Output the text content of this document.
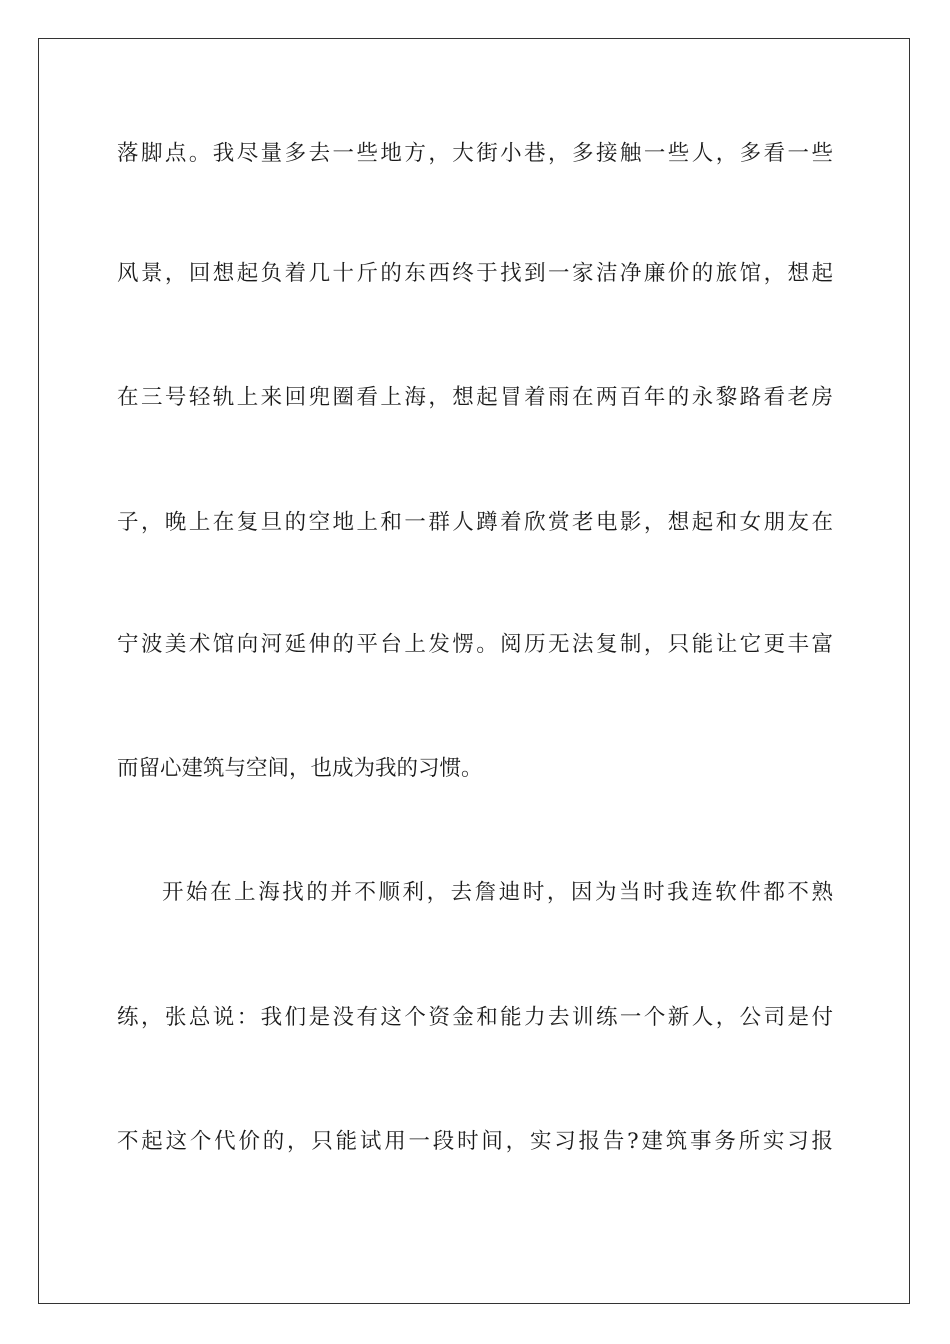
落脚点。我尽量多去一些地方，大街小巷，多接触一些人，多看一些
风景，回想起负着几十斤的东西终于找到一家洁净廉价的旅馆，想起
在三号轻轨上来回兜圈看上海，想起冒着雨在两百年的永黎路看老房
子，晚上在复旦的空地上和一群人蹲着欣赏老电影，想起和女朋友在
宁波美术馆向河延伸的平台上发愣。阅历无法复制，只能让它更丰富
而留心建筑与空间，也成为我的习惯。
开始在上海找的并不顺利，去詹迪时，因为当时我连软件都不熟
练，张总说：我们是没有这个资金和能力去训练一个新人，公司是付
不起这个代价的，只能试用一段时间，实习报告?建筑事务所实习报
